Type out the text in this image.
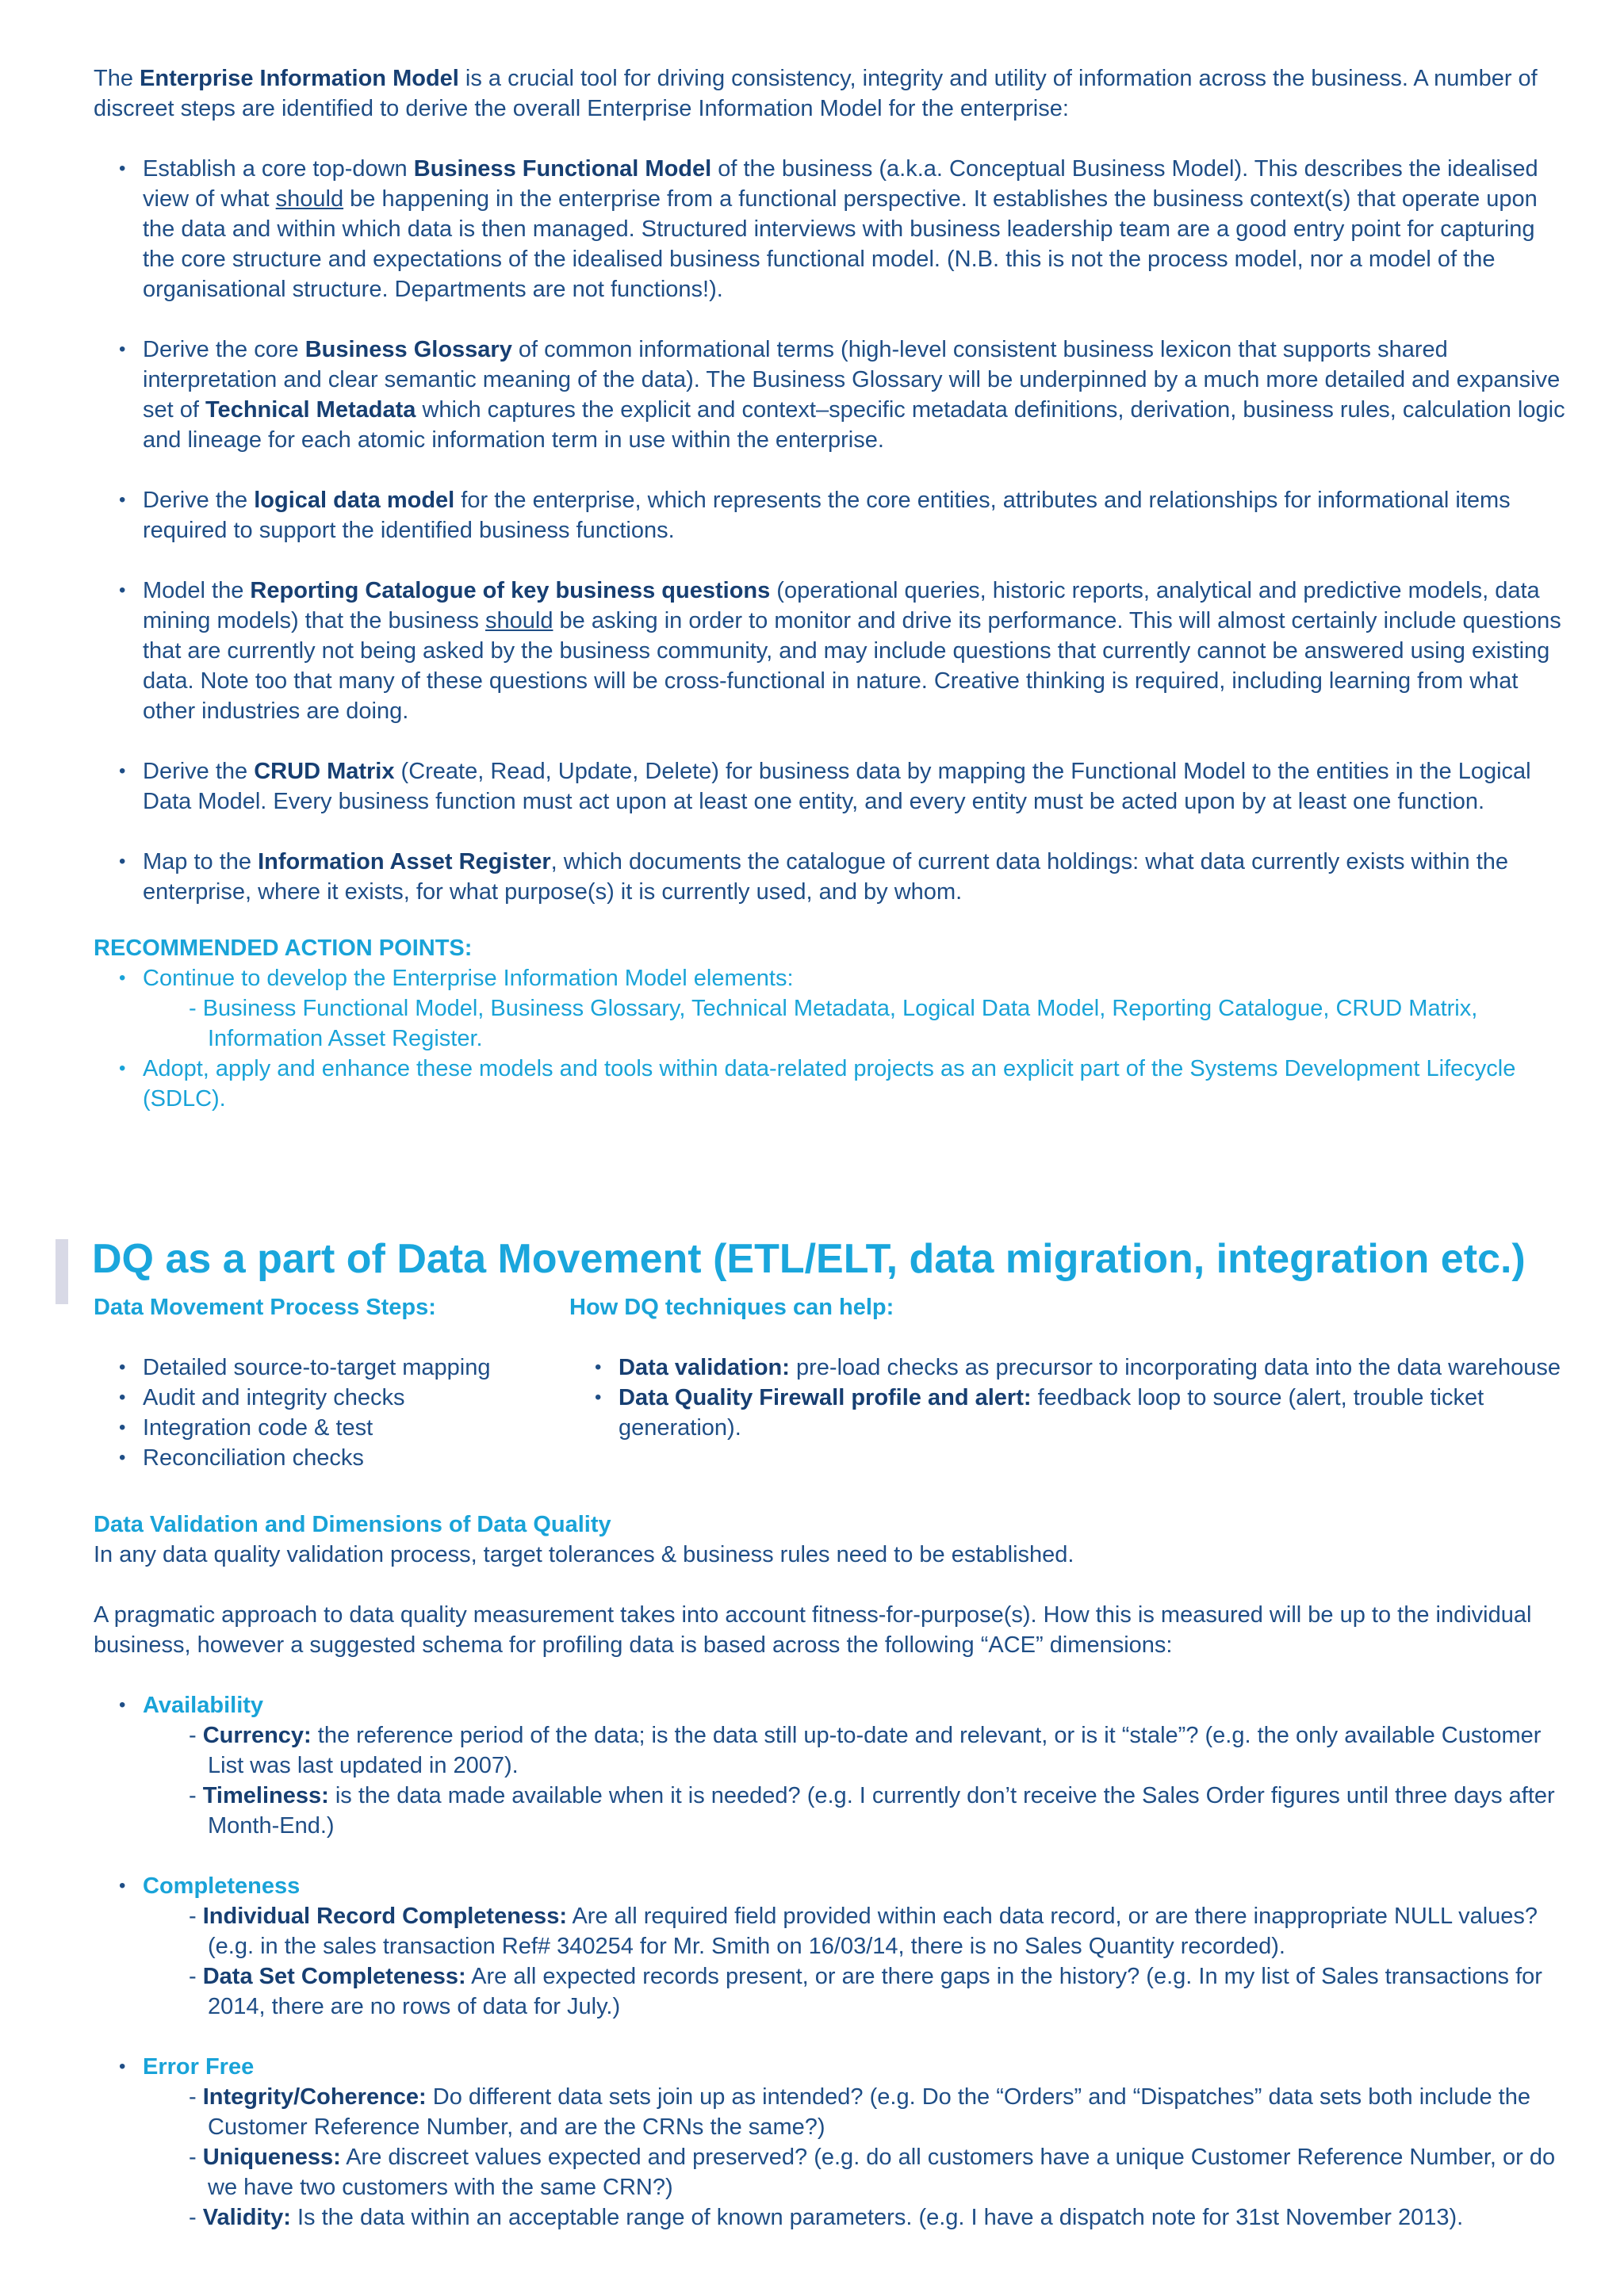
The Enterprise Information Model is a crucial tool for driving consistency, integrity and utility of information across the business. A number of discreet steps are identified to derive the overall Enterprise Information Model for the enterprise:

• Establish a core top-down Business Functional Model of the business (a.k.a. Conceptual Business Model). This describes the idealised view of what should be happening in the enterprise from a functional perspective. It establishes the business context(s) that operate upon the data and within which data is then managed. Structured interviews with business leadership team are a good entry point for capturing the core structure and expectations of the idealised business functional model. (N.B. this is not the process model, nor a model of the organisational structure. Departments are not functions!).
• Derive the core Business Glossary of common informational terms (high-level consistent business lexicon that supports shared interpretation and clear semantic meaning of the data). The Business Glossary will be underpinned by a much more detailed and expansive set of Technical Metadata which captures the explicit and context–specific metadata definitions, derivation, business rules, calculation logic and lineage for each atomic information term in use within the enterprise.
• Derive the logical data model for the enterprise, which represents the core entities, attributes and relationships for informational items required to support the identified business functions.
• Model the Reporting Catalogue of key business questions (operational queries, historic reports, analytical and predictive models, data mining models) that the business should be asking in order to monitor and drive its performance. This will almost certainly include questions that are currently not being asked by the business community, and may include questions that currently cannot be answered using existing data. Note too that many of these questions will be cross-functional in nature. Creative thinking is required, including learning from what other industries are doing.
• Derive the CRUD Matrix (Create, Read, Update, Delete) for business data by mapping the Functional Model to the entities in the Logical Data Model. Every business function must act upon at least one entity, and every entity must be acted upon by at least one function.
• Map to the Information Asset Register, which documents the catalogue of current data holdings: what data currently exists within the enterprise, where it exists, for what purpose(s) it is currently used, and by whom.

RECOMMENDED ACTION POINTS:

• Continue to develop the Enterprise Information Model elements:
- Business Functional Model, Business Glossary, Technical Metadata, Logical Data Model, Reporting Catalogue, CRUD Matrix, Information Asset Register.
• Adopt, apply and enhance these models and tools within data-related projects as an explicit part of the Systems Development Lifecycle (SDLC).
DQ as a part of Data Movement (ETL/ELT, data migration, integration etc.)

Data Movement Process Steps:

• Detailed source-to-target mapping
• Audit and integrity checks
• Integration code & test
• Reconciliation checks

How DQ techniques can help:

• Data validation: pre-load checks as precursor to incorporating data into the data warehouse
• Data Quality Firewall profile and alert: feedback loop to source (alert, trouble ticket generation).

Data Validation and Dimensions of Data Quality

In any data quality validation process, target tolerances & business rules need to be established.

A pragmatic approach to data quality measurement takes into account fitness-for-purpose(s). How this is measured will be up to the individual business, however a suggested schema for profiling data is based across the following “ACE” dimensions:

• Availability
- Currency: the reference period of the data; is the data still up-to-date and relevant, or is it “stale”? (e.g. the only available Customer List was last updated in 2007).
- Timeliness: is the data made available when it is needed? (e.g. I currently don’t receive the Sales Order figures until three days after Month-End.)
• Completeness
- Individual Record Completeness: Are all required field provided within each data record, or are there inappropriate NULL values? (e.g. in the sales transaction Ref# 340254 for Mr. Smith on 16/03/14, there is no Sales Quantity recorded).
- Data Set Completeness: Are all expected records present, or are there gaps in the history? (e.g. In my list of Sales transactions for 2014, there are no rows of data for July.)
• Error Free
- Integrity/Coherence: Do different data sets join up as intended? (e.g. Do the “Orders” and “Dispatches” data sets both include the Customer Reference Number, and are the CRNs the same?)
- Uniqueness: Are discreet values expected and preserved? (e.g. do all customers have a unique Customer Reference Number, or do we have two customers with the same CRN?)
- Validity: Is the data within an acceptable range of known parameters. (e.g. I have a dispatch note for 31st November 2013).
